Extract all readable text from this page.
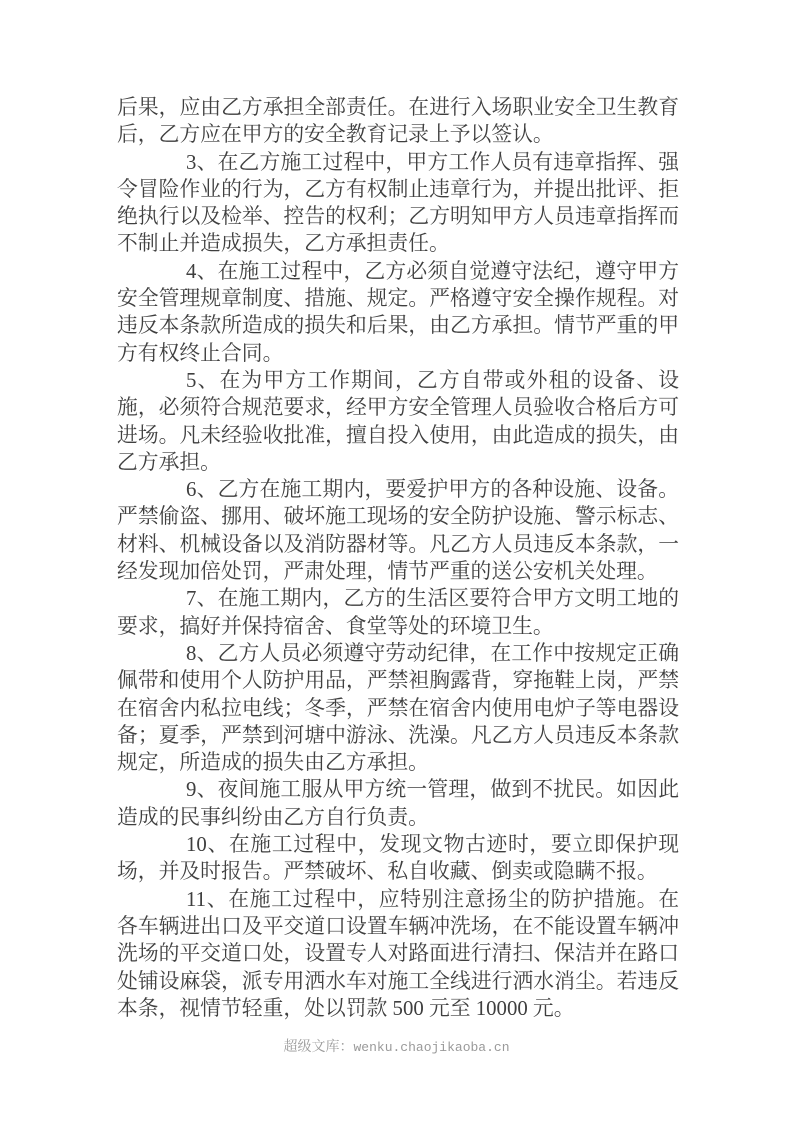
后果，应由乙方承担全部责任。在进行入场职业安全卫生教育后，乙方应在甲方的安全教育记录上予以签认。

3、在乙方施工过程中，甲方工作人员有违章指挥、强令冒险作业的行为，乙方有权制止违章行为，并提出批评、拒绝执行以及检举、控告的权利；乙方明知甲方人员违章指挥而不制止并造成损失，乙方承担责任。

4、在施工过程中，乙方必须自觉遵守法纪，遵守甲方安全管理规章制度、措施、规定。严格遵守安全操作规程。对违反本条款所造成的损失和后果，由乙方承担。情节严重的甲方有权终止合同。

5、在为甲方工作期间，乙方自带或外租的设备、设施，必须符合规范要求，经甲方安全管理人员验收合格后方可进场。凡未经验收批准，擅自投入使用，由此造成的损失，由乙方承担。

6、乙方在施工期内，要爱护甲方的各种设施、设备。严禁偷盗、挪用、破坏施工现场的安全防护设施、警示标志、材料、机械设备以及消防器材等。凡乙方人员违反本条款，一经发现加倍处罚，严肃处理，情节严重的送公安机关处理。

7、在施工期内，乙方的生活区要符合甲方文明工地的要求，搞好并保持宿舍、食堂等处的环境卫生。

8、乙方人员必须遵守劳动纪律，在工作中按规定正确佩带和使用个人防护用品，严禁袒胸露背，穿拖鞋上岗，严禁在宿舍内私拉电线；冬季，严禁在宿舍内使用电炉子等电器设备；夏季，严禁到河塘中游泳、洗澡。凡乙方人员违反本条款规定，所造成的损失由乙方承担。

9、夜间施工服从甲方统一管理，做到不扰民。如因此造成的民事纠纷由乙方自行负责。

10、在施工过程中，发现文物古迹时，要立即保护现场，并及时报告。严禁破坏、私自收藏、倒卖或隐瞒不报。

11、在施工过程中，应特别注意扬尘的防护措施。在各车辆进出口及平交道口设置车辆冲洗场，在不能设置车辆冲洗场的平交道口处，设置专人对路面进行清扫、保洁并在路口处铺设麻袋，派专用洒水车对施工全线进行洒水消尘。若违反本条，视情节轻重，处以罚款 500 元至 10000 元。

超级文库：wenku.chaojikaoba.cn
